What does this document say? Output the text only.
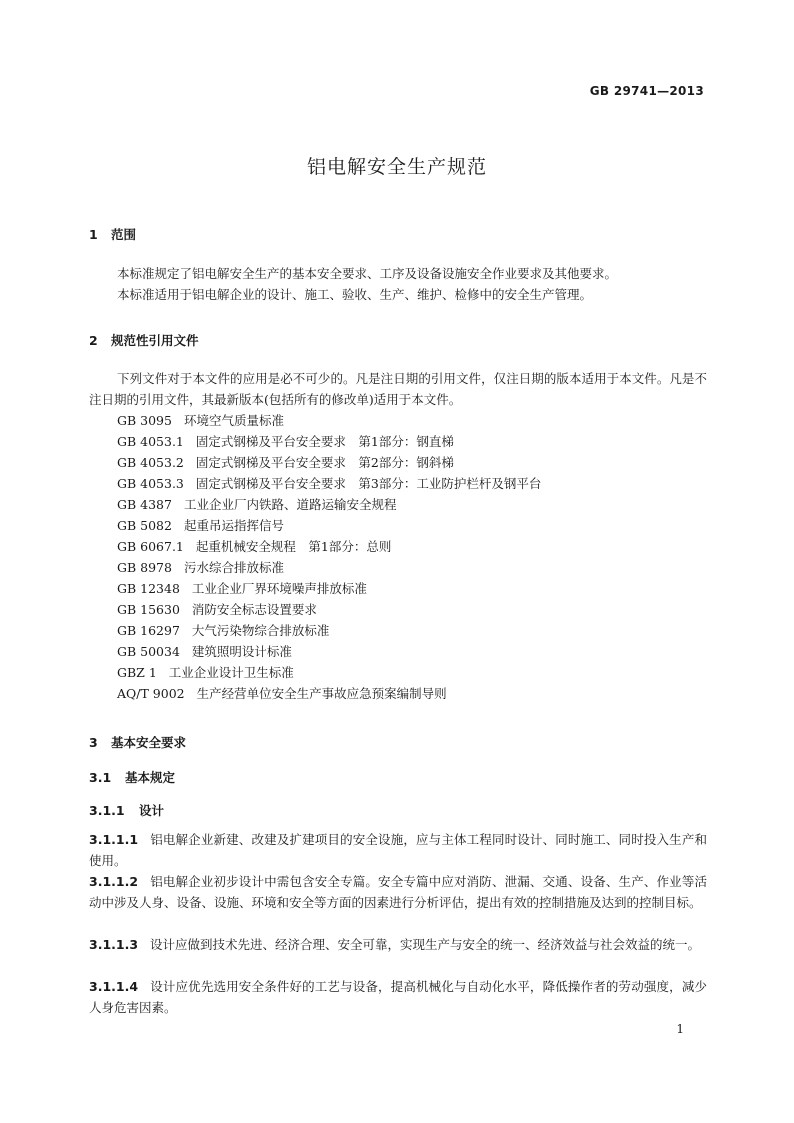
GB 29741—2013
铝电解安全生产规范
1 范围
本标准规定了铝电解安全生产的基本安全要求、工序及设备设施安全作业要求及其他要求。
本标准适用于铝电解企业的设计、施工、验收、生产、维护、检修中的安全生产管理。
2 规范性引用文件
下列文件对于本文件的应用是必不可少的。凡是注日期的引用文件，仅注日期的版本适用于本文件。凡是不注日期的引用文件，其最新版本(包括所有的修改单)适用于本文件。
GB 3095 环境空气质量标准
GB 4053.1 固定式钢梯及平台安全要求　第1部分：钢直梯
GB 4053.2 固定式钢梯及平台安全要求　第2部分：钢斜梯
GB 4053.3 固定式钢梯及平台安全要求　第3部分：工业防护栏杆及钢平台
GB 4387 工业企业厂内铁路、道路运输安全规程
GB 5082 起重吊运指挥信号
GB 6067.1 起重机械安全规程　第1部分：总则
GB 8978 污水综合排放标准
GB 12348 工业企业厂界环境噪声排放标准
GB 15630 消防安全标志设置要求
GB 16297 大气污染物综合排放标准
GB 50034 建筑照明设计标准
GBZ 1 工业企业设计卫生标准
AQ/T 9002 生产经营单位安全生产事故应急预案编制导则
3 基本安全要求
3.1 基本规定
3.1.1 设计
3.1.1.1 铝电解企业新建、改建及扩建项目的安全设施，应与主体工程同时设计、同时施工、同时投入生产和使用。
3.1.1.2 铝电解企业初步设计中需包含安全专篇。安全专篇中应对消防、泄漏、交通、设备、生产、作业等活动中涉及人身、设备、设施、环境和安全等方面的因素进行分析评估，提出有效的控制措施及达到的控制目标。
3.1.1.3 设计应做到技术先进、经济合理、安全可靠，实现生产与安全的统一、经济效益与社会效益的统一。
3.1.1.4 设计应优先选用安全条件好的工艺与设备，提高机械化与自动化水平，降低操作者的劳动强度，减少人身危害因素。
1
